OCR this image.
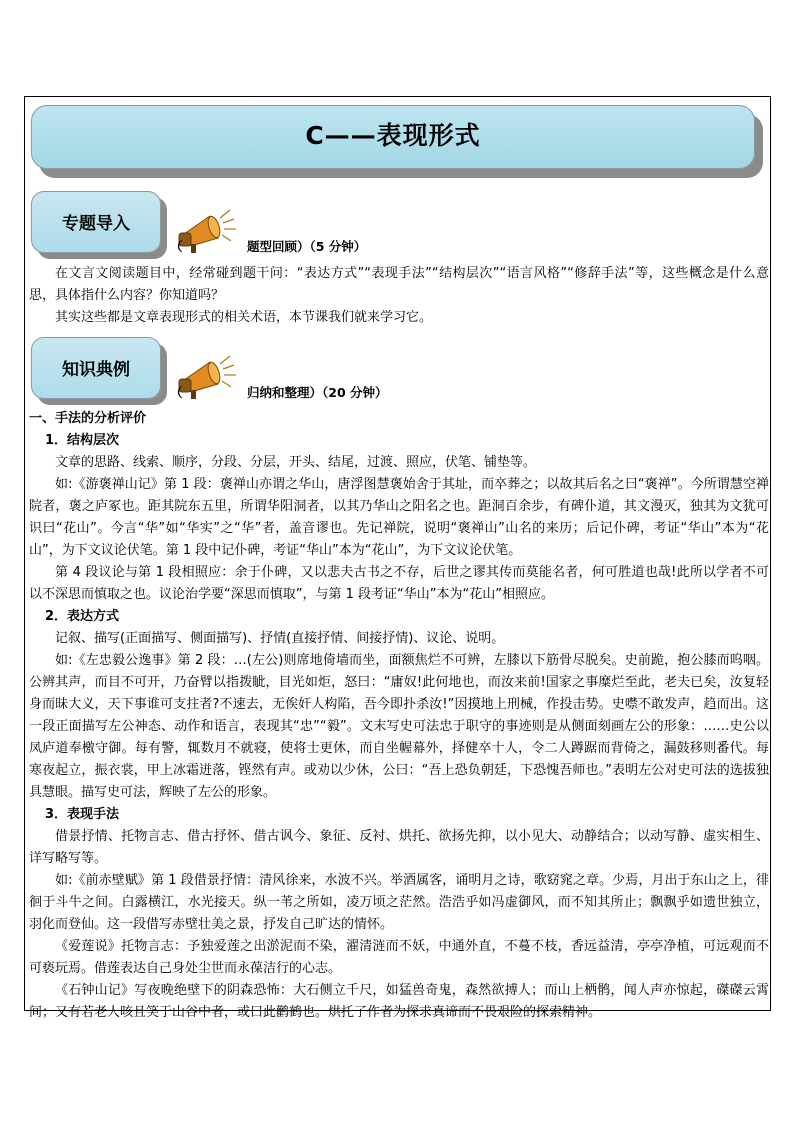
C——表现形式
专题导入
（	题型回顾）（5 分钟）

在文言文阅读题目中，经常碰到题干问：“表达方式”“表现手法”“结构层次”“语言风格”“修辞手法”等，这些概念是什么意思，具体指什么内容？你知道吗？

其实这些都是文章表现形式的相关术语，本节课我们就来学习它。

知识典例
（	归纳和整理）（20 分钟）

一、手法的分析评价

1．结构层次

文章的思路、线索、顺序，分段、分层，开头、结尾，过渡、照应，伏笔、铺垫等。

如:《游褒禅山记》第 1 段：褒禅山亦谓之华山，唐浮图慧褒始舍于其址，而卒葬之；以故其后名之曰“褒禅”。今所谓慧空禅院者，褒之庐冢也。距其院东五里，所谓华阳洞者，以其乃华山之阳名之也。距洞百余步，有碑仆道，其文漫灭，独其为文犹可识曰“花山”。今言“华”如“华实”之“华”者，盖音谬也。先记禅院，说明“褒禅山”山名的来历；后记仆碑，考证“华山”本为“花山”，为下文议论伏笔。第 1 段中记仆碑，考证“华山”本为“花山”，为下文议论伏笔。

第 4 段议论与第 1 段相照应：余于仆碑，又以悲夫古书之不存，后世之谬其传而莫能名者，何可胜道也哉!此所以学者不可以不深思而慎取之也。议论治学要“深思而慎取”，与第 1 段考证“华山”本为“花山”相照应。

2．表达方式

记叙、描写(正面描写、侧面描写)、抒情(直接抒情、间接抒情)、议论、说明。

如:《左忠毅公逸事》第 2 段：…(左公)则席地倚墙而坐，面额焦烂不可辨，左膝以下筋骨尽脱矣。史前跪，抱公膝而呜咽。公辨其声，而目不可开，乃奋臂以指拨眦，目光如炬，怒曰：“庸奴!此何地也，而汝来前!国家之事糜烂至此，老夫已矣，汝复轻身而昧大义，天下事谁可支拄者?不速去，无俟奸人构陷，吾今即扑杀汝!”因摸地上刑械，作投击势。史噤不敢发声，趋而出。这一段正面描写左公神态、动作和语言，表现其“忠”“毅”。文末写史可法忠于职守的事迹则是从侧面刻画左公的形象：……史公以凤庐道奉檄守御。每有警，辄数月不就寝，使将士更休，而自坐幄幕外，择健卒十人，令二人蹲踞而背倚之，漏鼓移则番代。每寒夜起立，振衣裳，甲上冰霜迸落，铿然有声。或劝以少休，公曰：“吾上恐负朝廷，下恐愧吾师也。”表明左公对史可法的选拔独具慧眼。描写史可法，辉映了左公的形象。

3．表现手法

借景抒情、托物言志、借古抒怀、借古讽今、象征、反衬、烘托、欲扬先抑，以小见大、动静结合；以动写静、虚实相生、详写略写等。

如:《前赤壁赋》第 1 段借景抒情：清风徐来，水波不兴。举酒属客，诵明月之诗，歌窈窕之章。少焉，月出于东山之上，徘徊于斗牛之间。白露横江，水光接天。纵一苇之所如，凌万顷之茫然。浩浩乎如冯虚御风，而不知其所止；飘飘乎如遗世独立，羽化而登仙。这一段借写赤壁壮美之景，抒发自己旷达的情怀。

《爱莲说》托物言志：予独爱莲之出淤泥而不染，濯清涟而不妖，中通外直，不蔓不枝，香远益清，亭亭净植，可远观而不可亵玩焉。借莲表达自己身处尘世而永葆洁行的心志。

《石钟山记》写夜晚绝壁下的阴森恐怖：大石侧立千尺，如猛兽奇鬼，森然欲搏人；而山上栖鹘，闻人声亦惊起，磔磔云霄间；又有若老人咳且笑于山谷中者，或曰此鹳鹤也。烘托了作者为探求真谛而不畏艰险的探索精神。
